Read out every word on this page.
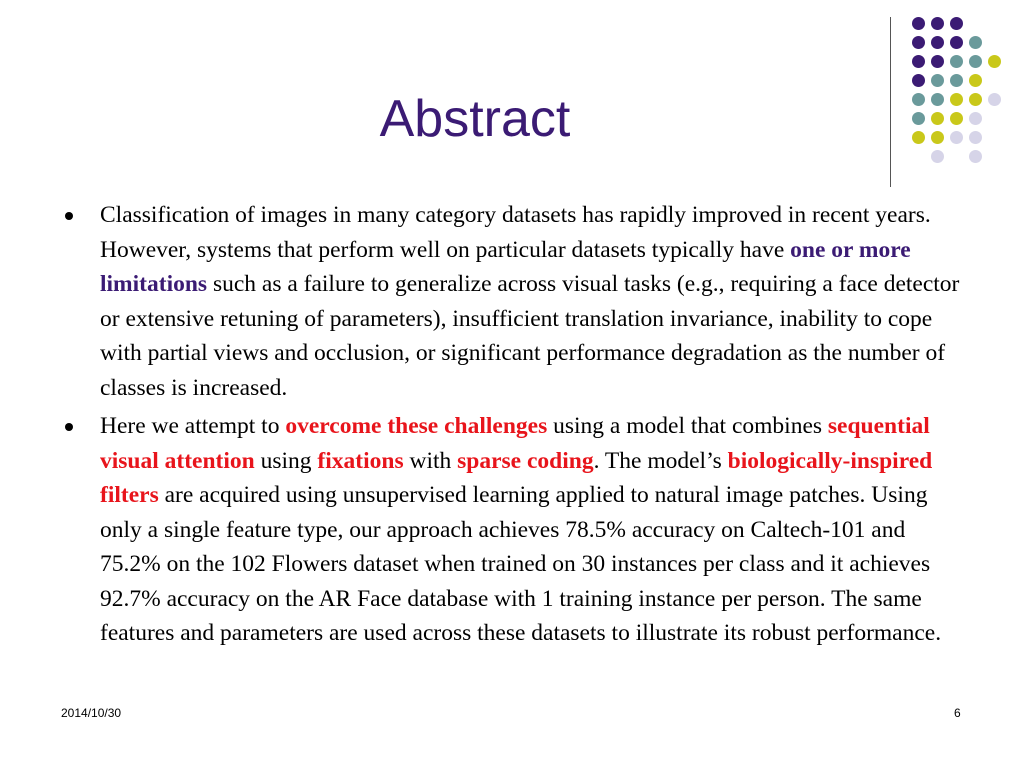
Abstract
Classification of images in many category datasets has rapidly improved in recent years. However, systems that perform well on particular datasets typically have one or more limitations such as a failure to generalize across visual tasks (e.g., requiring a face detector or extensive retuning of parameters), insufficient translation invariance, inability to cope with partial views and occlusion, or significant performance degradation as the number of classes is increased.
Here we attempt to overcome these challenges using a model that combines sequential visual attention using fixations with sparse coding. The model’s biologically-inspired filters are acquired using unsupervised learning applied to natural image patches. Using only a single feature type, our approach achieves 78.5% accuracy on Caltech-101 and 75.2% on the 102 Flowers dataset when trained on 30 instances per class and it achieves 92.7% accuracy on the AR Face database with 1 training instance per person. The same features and parameters are used across these datasets to illustrate its robust performance.
2014/10/30	6
